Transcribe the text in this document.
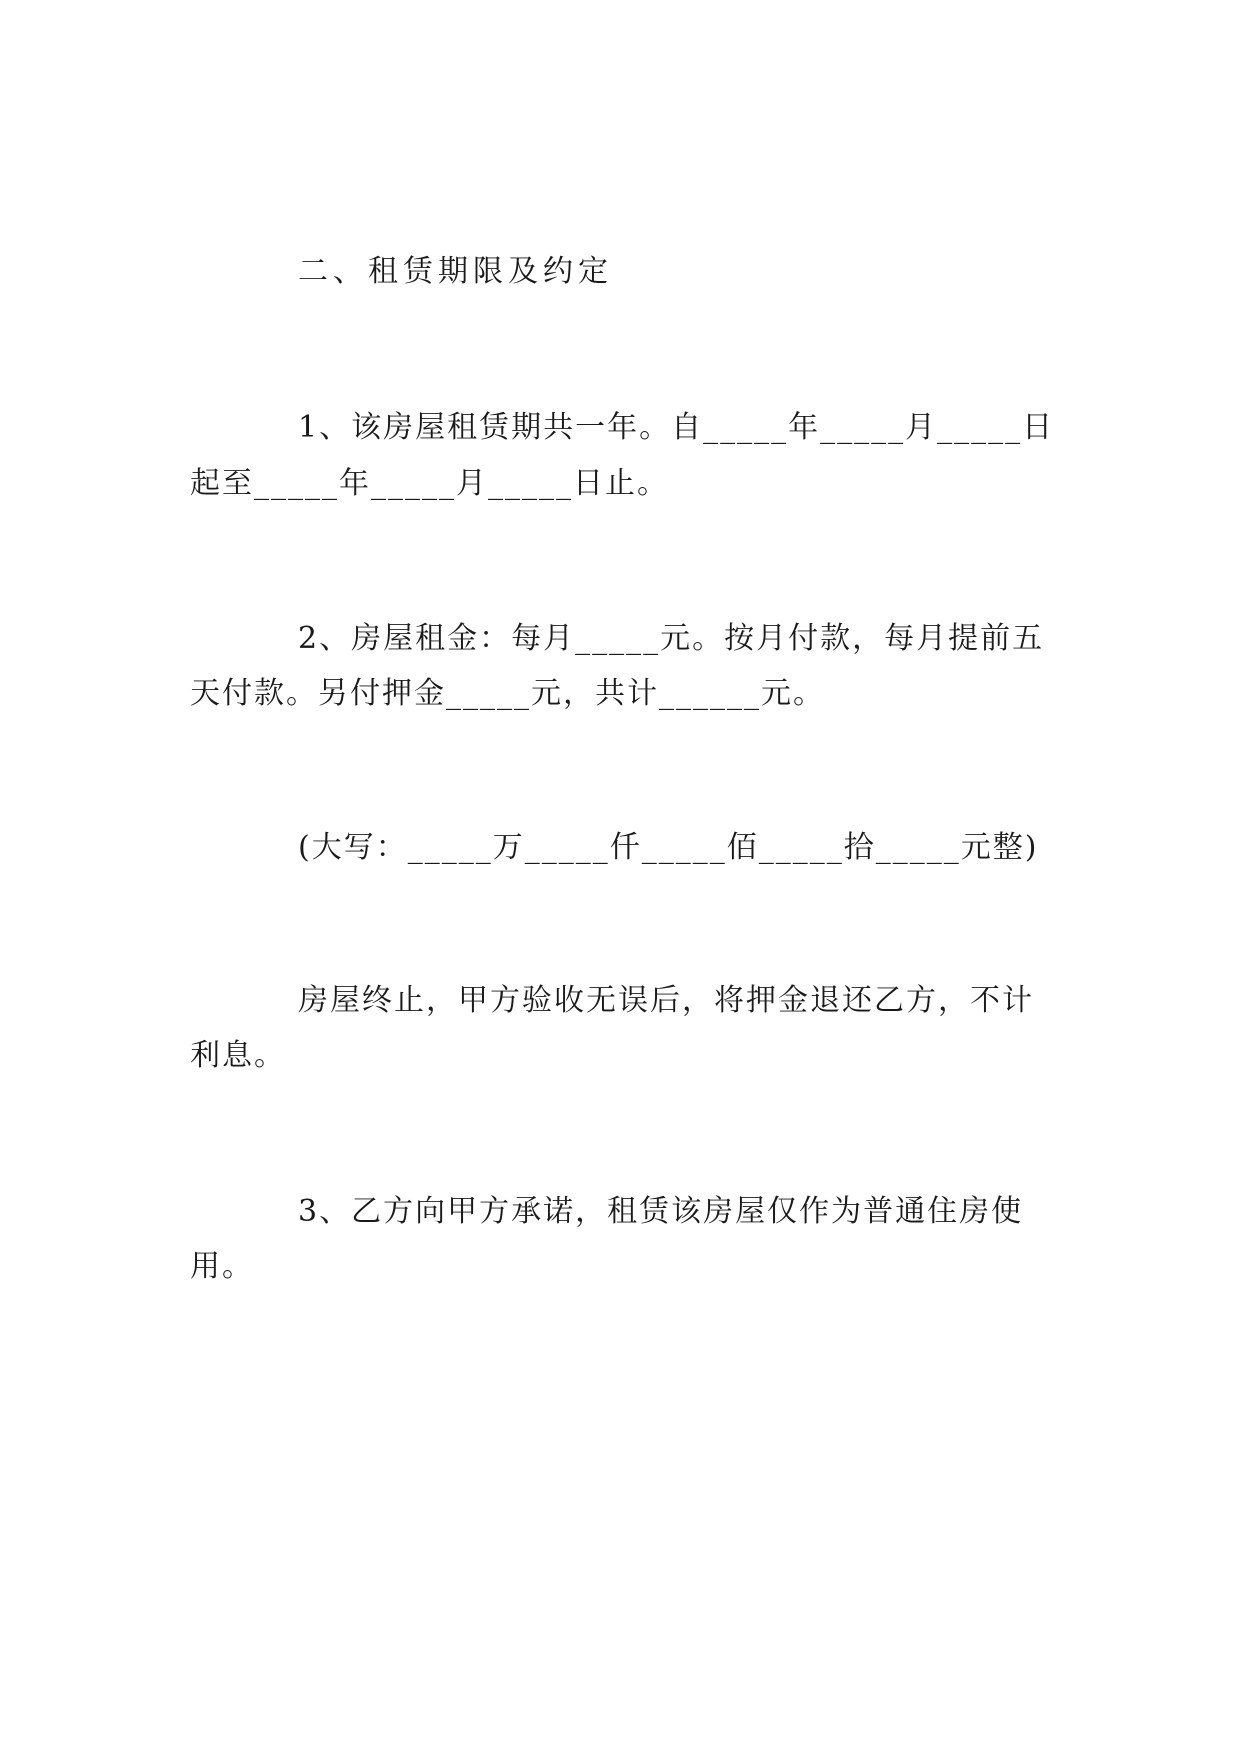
二、租赁期限及约定
1、该房屋租赁期共一年。自_____年_____月_____日
起至_____年_____月_____日止。
2、房屋租金：每月_____元。按月付款，每月提前五
天付款。另付押金_____元，共计______元。
(大写：_____万_____仟_____佰_____拾_____元整)
房屋终止，甲方验收无误后，将押金退还乙方，不计
利息。
3、乙方向甲方承诺，租赁该房屋仅作为普通住房使
用。
